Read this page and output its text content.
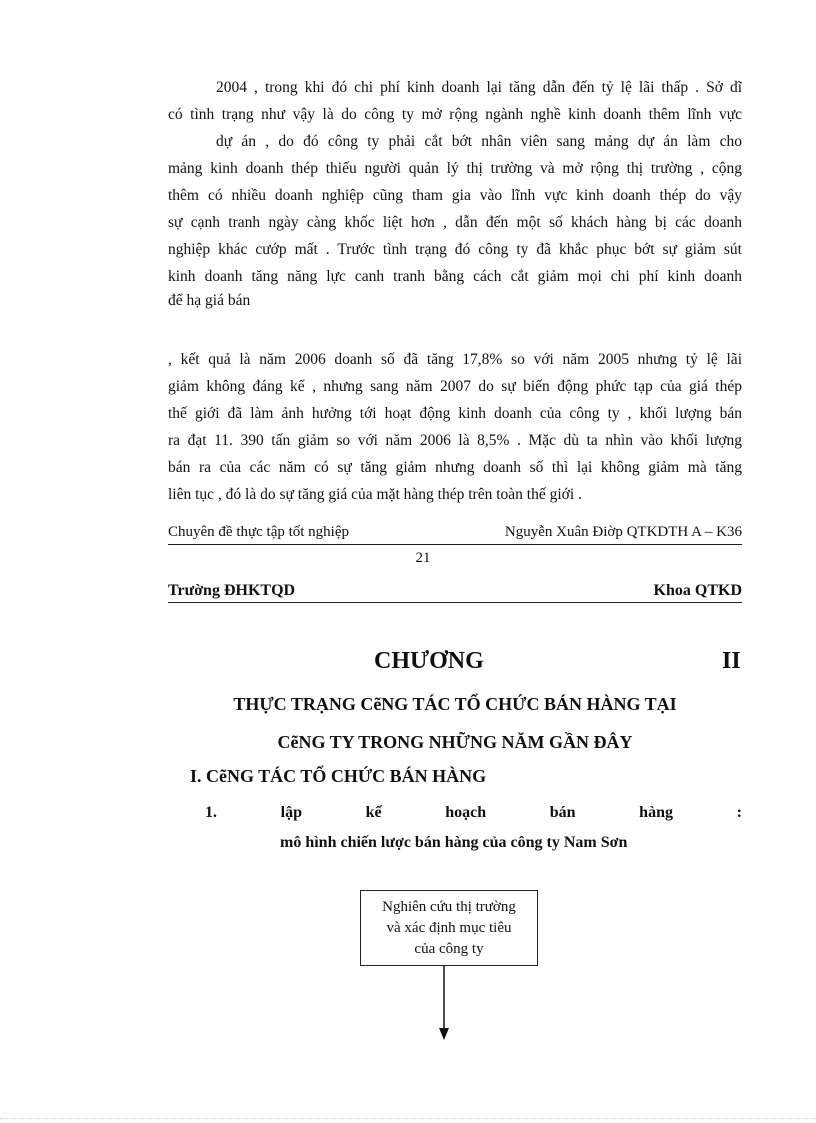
2004 , trong khi đó chi phí kinh doanh lại tăng dẫn đến tỷ lệ lãi thấp . Sở dĩ
có tình trạng như vậy là do công ty mở rộng ngành nghề kinh doanh thêm lĩnh vực
dự án , do đó công ty phải cắt bớt nhân viên sang mảng dự án làm cho
mảng kinh doanh thép thiếu người quản lý thị trường và mở rộng thị trường , cộng
thêm có nhiều doanh nghiệp cũng tham gia vào lĩnh vực kinh doanh thép do vậy
sự cạnh tranh ngày càng khốc liệt hơn , dẫn đến một số khách hàng bị các doanh
nghiệp khác cướp mất . Trước tình trạng đó công ty đã khắc phục bớt sự giảm sút
kinh doanh tăng năng lực canh tranh bằng cách cắt giảm mọi chi phí kinh doanh
để hạ giá bán
, kết quả là năm 2006 doanh số đã tăng 17,8% so với năm 2005 nhưng tỷ lệ lãi
giảm không đáng kể , nhưng sang năm 2007 do sự biến động phức tạp của giá thép
thế giới đã làm ảnh hưởng tới hoạt động kinh doanh của công ty , khối lượng bán
ra đạt 11. 390 tấn giảm so với năm 2006 là 8,5% . Mặc dù ta nhìn vào khối lượng
bán ra của các năm có sự tăng giảm nhưng doanh số thì lại không giảm mà tăng
liên tục , đó là do sự tăng giá của mặt hàng thép trên toàn thế giới .
Chuyên đề thực tập tốt nghiệp	Nguyễn Xuân Điờp QTKDTH A – K36
21
Trường ĐHKTQD	Khoa QTKD
CHƯƠNG	II
THỰC TRẠNG CẽNG TÁC TỔ CHỨC BÁN HÀNG TẠI
CẽNG TY TRONG NHỮNG NĂM GẦN ĐÂY
I. CẽNG TÁC TỔ CHỨC BÁN HÀNG
1.	lập	kế	hoạch	bán	hàng	:
mô hình chiến lược bán hàng của công ty Nam Sơn
Nghiên cứu thị trường
và xác định mục tiêu
của công ty
